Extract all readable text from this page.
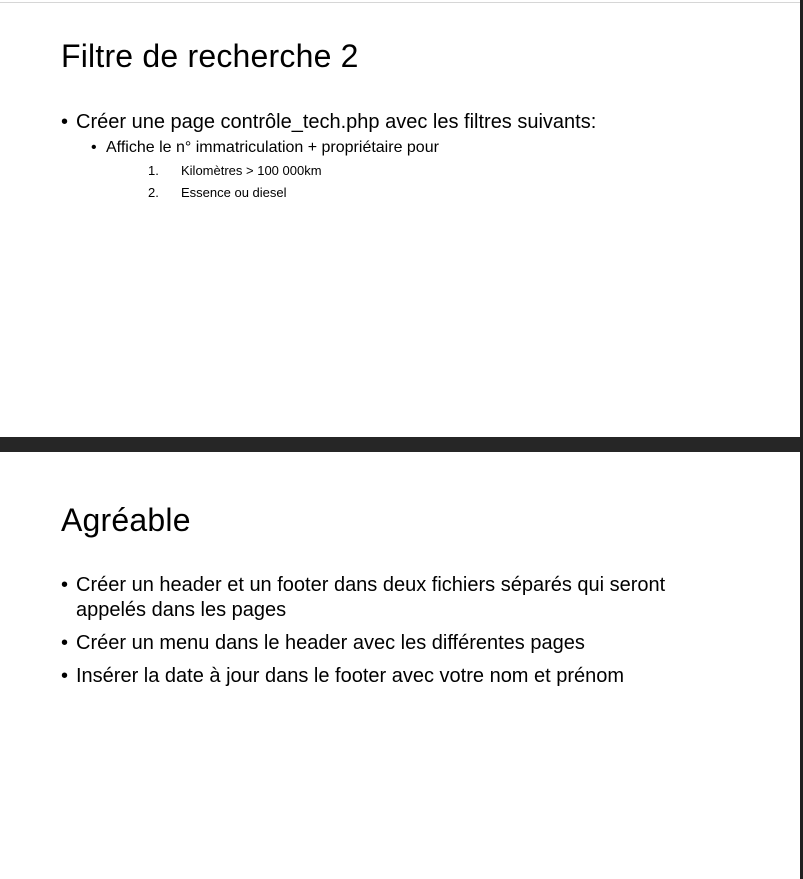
Filtre de recherche 2
• Créer une page contrôle_tech.php avec les filtres suivants:
• Affiche le n° immatriculation + propriétaire pour
1. Kilomètres > 100 000km
2. Essence ou diesel
Agréable
• Créer un header et un footer dans deux fichiers séparés qui seront appelés dans les pages
• Créer un menu dans le header avec les différentes pages
• Insérer la date à jour dans le footer avec votre nom et prénom
